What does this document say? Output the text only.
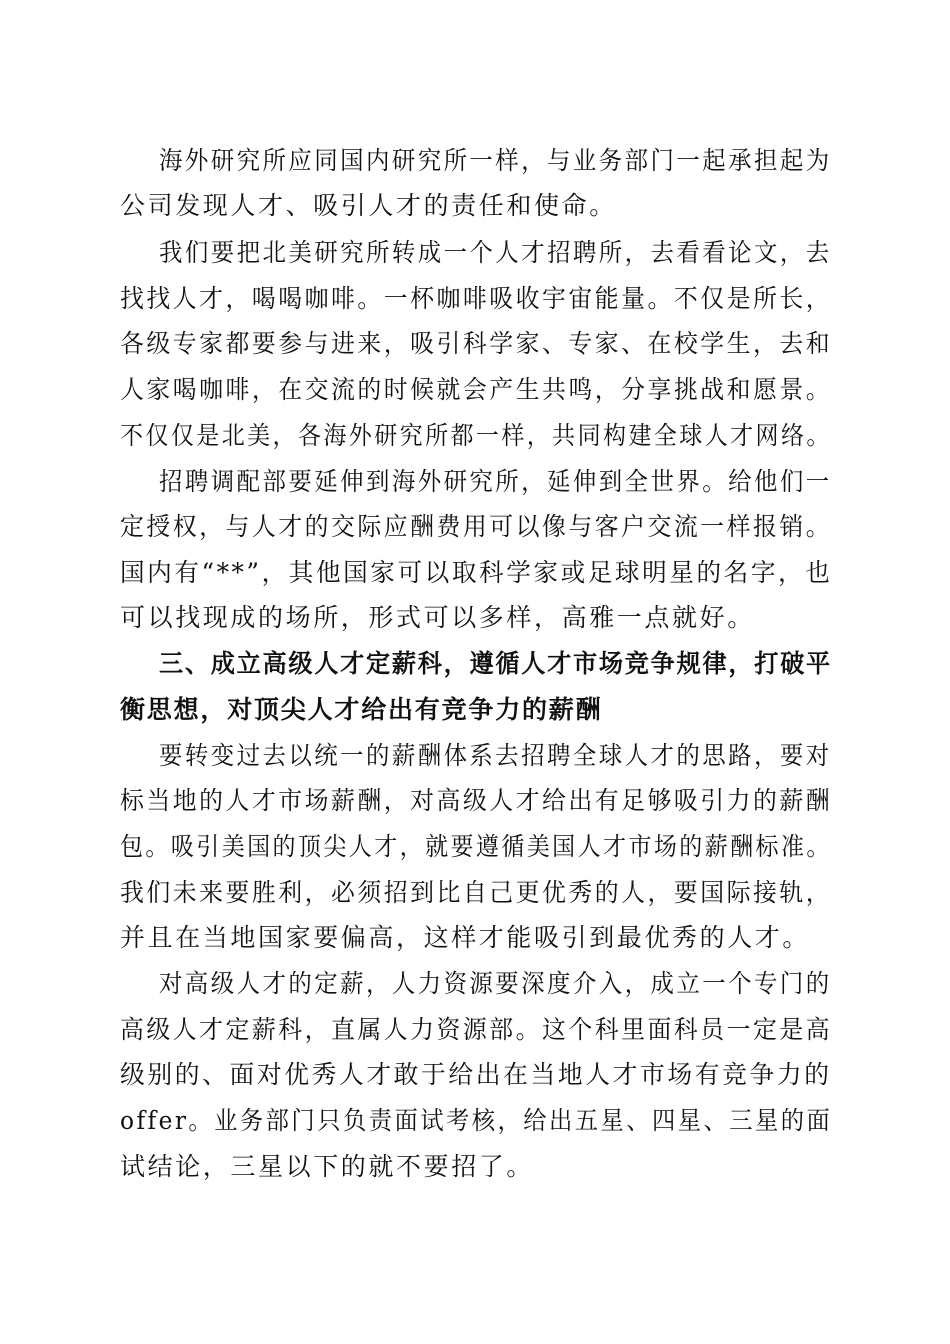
海外研究所应同国内研究所一样，与业务部门一起承担起为
公司发现人才、吸引人才的责任和使命。
我们要把北美研究所转成一个人才招聘所，去看看论文，去
找找人才，喝喝咖啡。一杯咖啡吸收宇宙能量。不仅是所长，
各级专家都要参与进来，吸引科学家、专家、在校学生，去和
人家喝咖啡，在交流的时候就会产生共鸣，分享挑战和愿景。
不仅仅是北美，各海外研究所都一样，共同构建全球人才网络。
招聘调配部要延伸到海外研究所，延伸到全世界。给他们一
定授权，与人才的交际应酬费用可以像与客户交流一样报销。
国内有“**”，其他国家可以取科学家或足球明星的名字，也
可以找现成的场所，形式可以多样，高雅一点就好。
三、成立高级人才定薪科，遵循人才市场竞争规律，打破平
衡思想，对顶尖人才给出有竞争力的薪酬
要转变过去以统一的薪酬体系去招聘全球人才的思路，要对
标当地的人才市场薪酬，对高级人才给出有足够吸引力的薪酬
包。吸引美国的顶尖人才，就要遵循美国人才市场的薪酬标准。
我们未来要胜利，必须招到比自己更优秀的人，要国际接轨，
并且在当地国家要偏高，这样才能吸引到最优秀的人才。
对高级人才的定薪，人力资源要深度介入，成立一个专门的
高级人才定薪科，直属人力资源部。这个科里面科员一定是高
级别的、面对优秀人才敢于给出在当地人才市场有竞争力的
offer。业务部门只负责面试考核，给出五星、四星、三星的面
试结论，三星以下的就不要招了。
